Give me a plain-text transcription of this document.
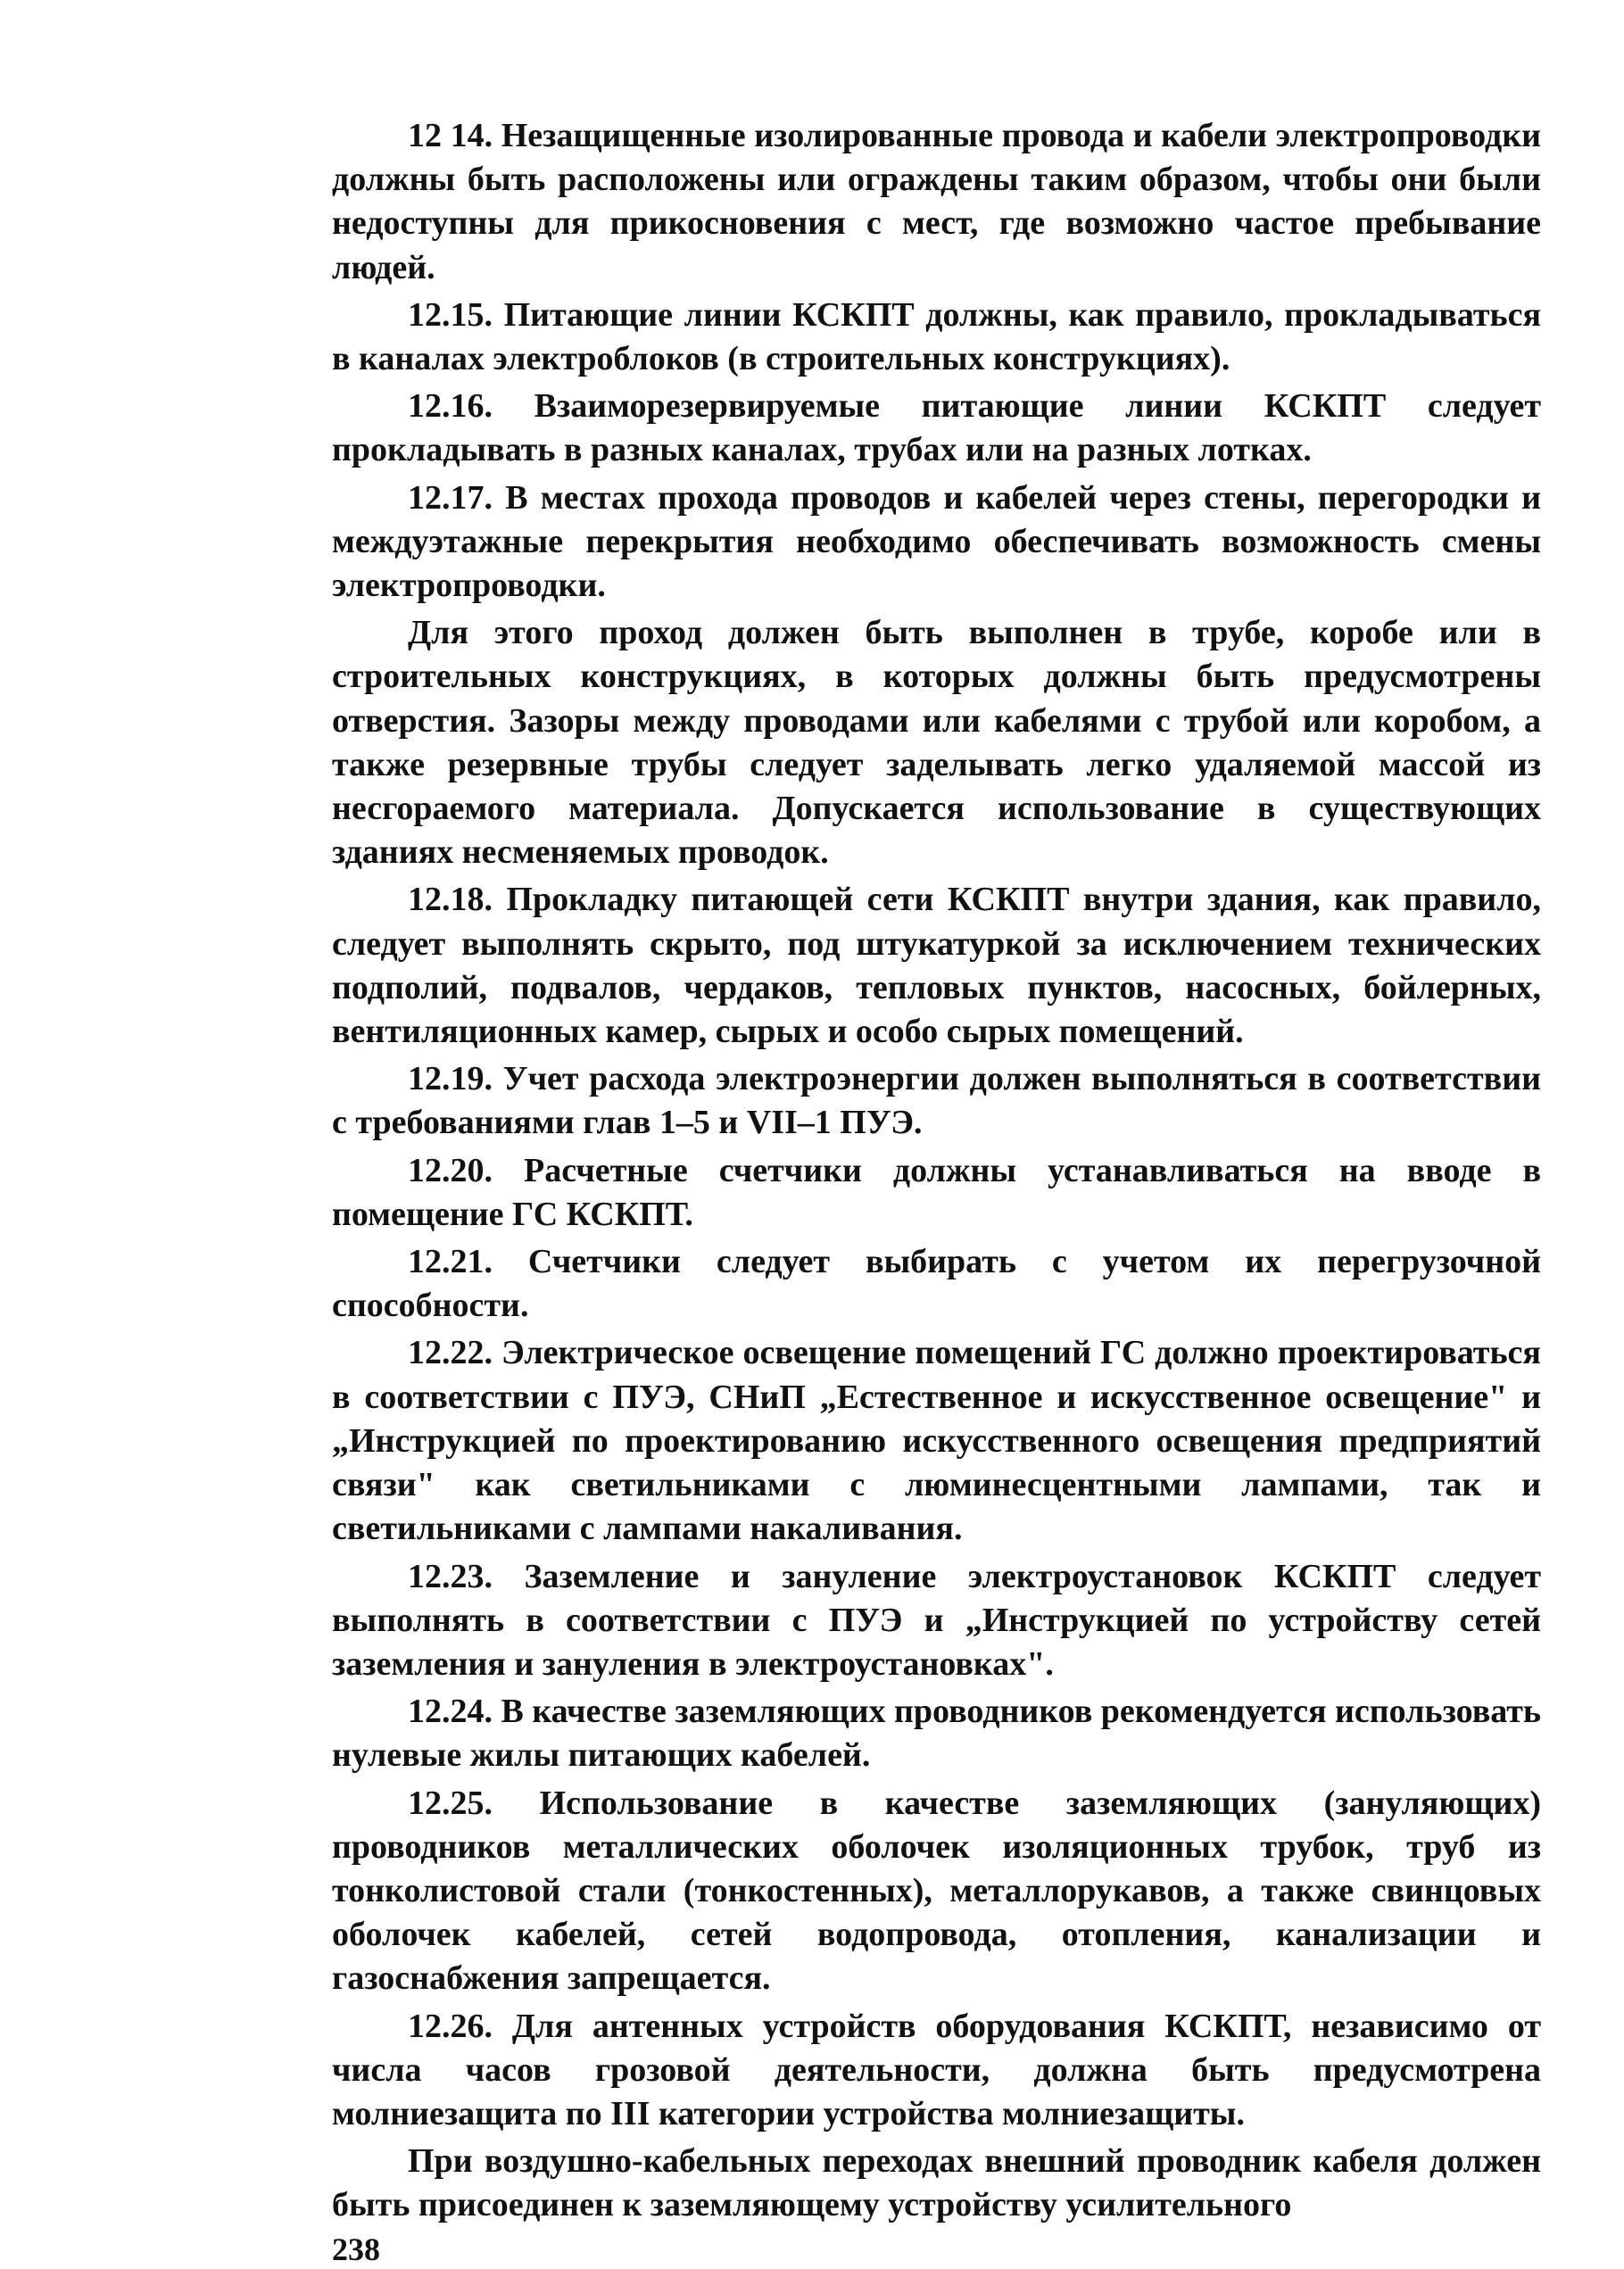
12 14. Незащищенные изолированные провода и кабели электропроводки должны быть расположены или ограждены таким образом, чтобы они были недоступны для прикосновения с мест, где возможно частое пребывание людей.

12.15. Питающие линии КСКПТ должны, как правило, прокладываться в каналах электроблоков (в строительных конструкциях).

12.16. Взаиморезервируемые питающие линии КСКПТ следует прокладывать в разных каналах, трубах или на разных лотках.

12.17. В местах прохода проводов и кабелей через стены, перегородки и междуэтажные перекрытия необходимо обеспечивать возможность смены электропроводки.

Для этого проход должен быть выполнен в трубе, коробе или в строительных конструкциях, в которых должны быть предусмотрены отверстия. Зазоры между проводами или кабелями с трубой или коробом, а также резервные трубы следует заделывать легко удаляемой массой из несгораемого материала. Допускается использование в существующих зданиях несменяемых проводок.

12.18. Прокладку питающей сети КСКПТ внутри здания, как правило, следует выполнять скрыто, под штукатуркой за исключением технических подполий, подвалов, чердаков, тепловых пунктов, насосных, бойлерных, вентиляционных камер, сырых и особо сырых помещений.

12.19. Учет расхода электроэнергии должен выполняться в соответствии с требованиями глав 1–5 и VII–1 ПУЭ.

12.20. Расчетные счетчики должны устанавливаться на вводе в помещение ГС КСКПТ.

12.21. Счетчики следует выбирать с учетом их перегрузочной способности.

12.22. Электрическое освещение помещений ГС должно проектироваться в соответствии с ПУЭ, СНиП „Естественное и искусственное освещение" и „Инструкцией по проектированию искусственного освещения предприятий связи" как светильниками с люминесцентными лампами, так и светильниками с лампами накаливания.

12.23. Заземление и зануление электроустановок КСКПТ следует выполнять в соответствии с ПУЭ и „Инструкцией по устройству сетей заземления и зануления в электроустановках".

12.24. В качестве заземляющих проводников рекомендуется использовать нулевые жилы питающих кабелей.

12.25. Использование в качестве заземляющих (зануляющих) проводников металлических оболочек изоляционных трубок, труб из тонколистовой стали (тонкостенных), металлорукавов, а также свинцовых оболочек кабелей, сетей водопровода, отопления, канализации и газоснабжения запрещается.

12.26. Для антенных устройств оборудования КСКПТ, независимо от числа часов грозовой деятельности, должна быть предусмотрена молниезащита по III категории устройства молниезащиты.

При воздушно-кабельных переходах внешний проводник кабеля должен быть присоединен к заземляющему устройству усилительного

238
